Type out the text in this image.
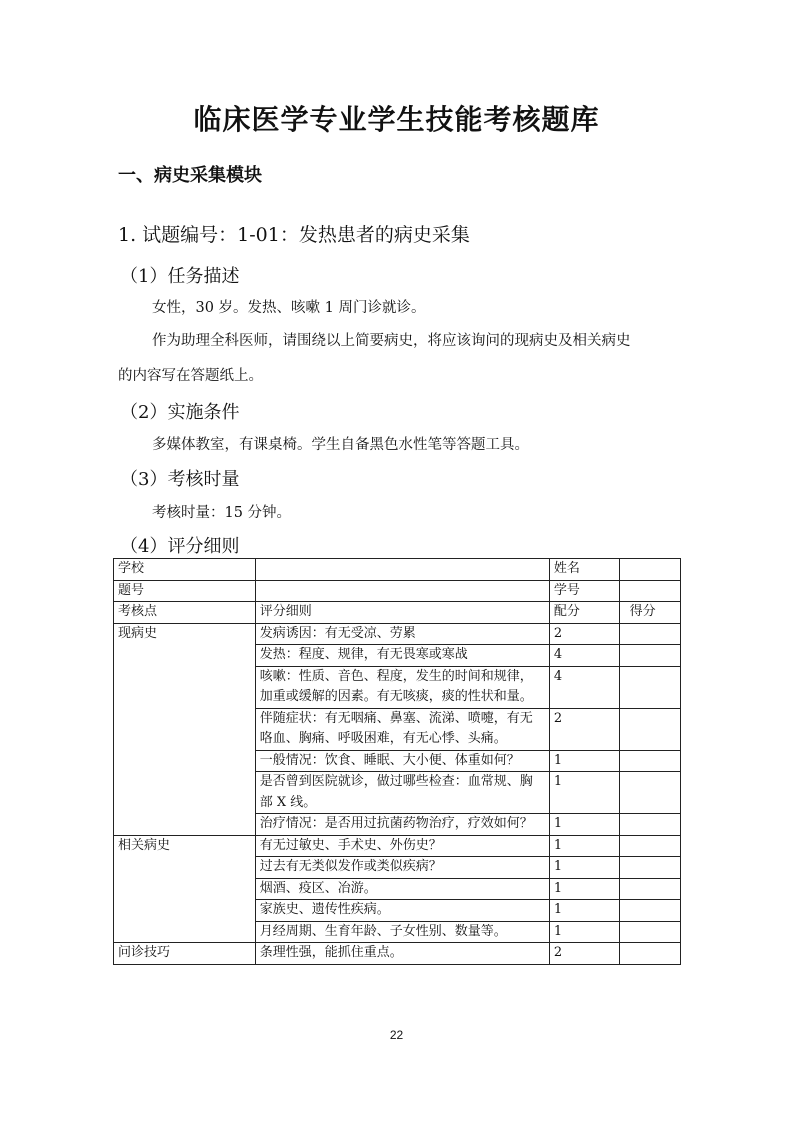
临床医学专业学生技能考核题库
一、病史采集模块
1. 试题编号：1-01：发热患者的病史采集
（1）任务描述
女性，30 岁。发热、咳嗽 1 周门诊就诊。
作为助理全科医师，请围绕以上简要病史，将应该询问的现病史及相关病史
的内容写在答题纸上。
（2）实施条件
多媒体教室，有课桌椅。学生自备黑色水性笔等答题工具。
（3）考核时量
考核时量：15 分钟。
（4）评分细则
学校		姓名	
题号		学号	
考核点	评分细则	配分	得分
现病史	发病诱因：有无受凉、劳累	2	
	发热：程度、规律，有无畏寒或寒战	4	
	咳嗽：性质、音色、程度，发生的时间和规律，加重或缓解的因素。有无咳痰，痰的性状和量。	4	
	伴随症状：有无咽痛、鼻塞、流涕、喷嚏，有无咯血、胸痛、呼吸困难，有无心悸、头痛。	2	
	一般情况：饮食、睡眠、大小便、体重如何？	1	
	是否曾到医院就诊，做过哪些检查：血常规、胸部 X 线。	1	
	治疗情况：是否用过抗菌药物治疗，疗效如何？	1	
相关病史	有无过敏史、手术史、外伤史？	1	
	过去有无类似发作或类似疾病？	1	
	烟酒、疫区、冶游。	1	
	家族史、遗传性疾病。	1	
	月经周期、生育年龄、子女性别、数量等。	1	
问诊技巧	条理性强，能抓住重点。	2	
22
